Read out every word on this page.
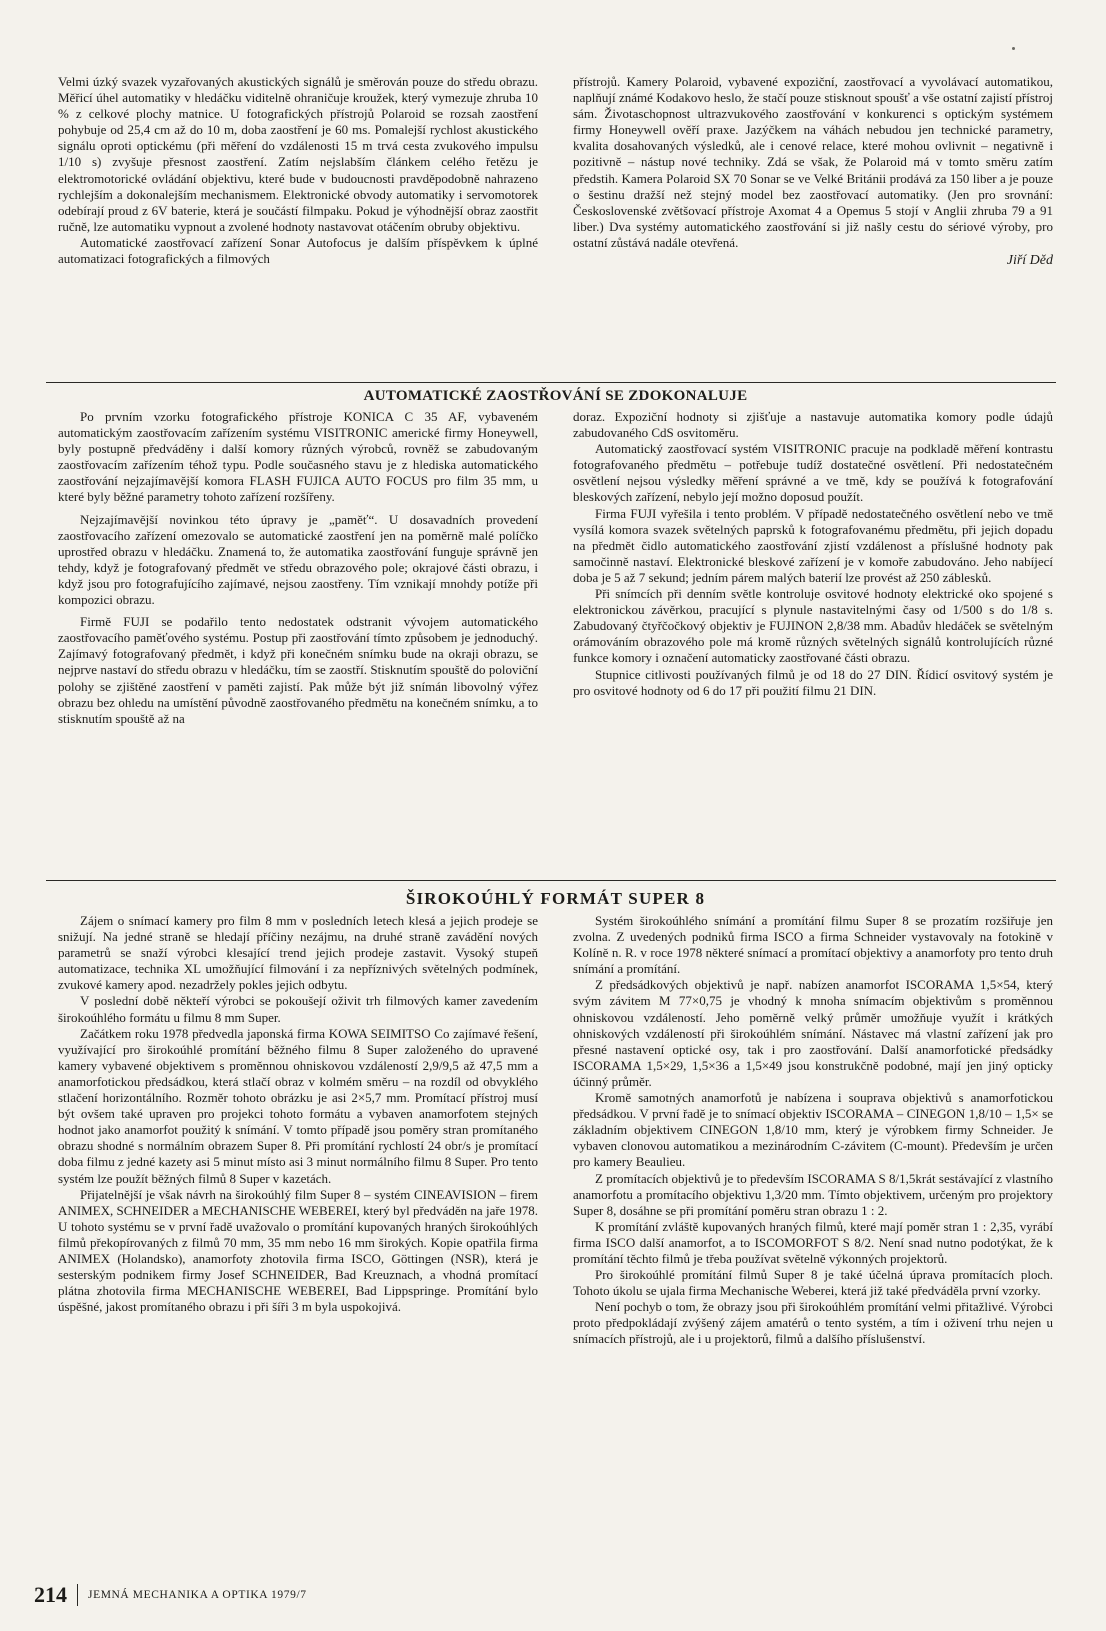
Velmi úzký svazek vyzařovaných akustických signálů je směrován pouze do středu obrazu. Měřicí úhel automatiky v hledáčku viditelně ohraničuje kroužek, který vymezuje zhruba 10 % z celkové plochy matnice. U fotografických přístrojů Polaroid se rozsah zaostření pohybuje od 25,4 cm až do 10 m, doba zaostření je 60 ms. Pomalejší rychlost akustického signálu oproti optickému (při měření do vzdálenosti 15 m trvá cesta zvukového impulsu 1/10 s) zvyšuje přesnost zaostření. Zatím nejslabším článkem celého řetězu je elektromotorické ovládání objektivu, které bude v budoucnosti pravděpodobně nahrazeno rychlejším a dokonalejším mechanismem. Elektronické obvody automatiky i servomotorek odebírají proud z 6V baterie, která je součástí filmpaku. Pokud je výhodnější obraz zaostřit ručně, lze automatiku vypnout a zvolené hodnoty nastavovat otáčením obruby objektivu.

Automatické zaostřovací zařízení Sonar Autofocus je dalším příspěvkem k úplné automatizaci fotografických a filmových

přístrojů. Kamery Polaroid, vybavené expoziční, zaostřovací a vyvolávací automatikou, naplňují známé Kodakovo heslo, že stačí pouze stisknout spoušť a vše ostatní zajistí přístroj sám. Životaschopnost ultrazvukového zaostřování v konkurenci s optickým systémem firmy Honeywell ověří praxe. Jazýčkem na váhách nebudou jen technické parametry, kvalita dosahovaných výsledků, ale i cenové relace, které mohou ovlivnit – negativně i pozitivně – nástup nové techniky. Zdá se však, že Polaroid má v tomto směru zatím předstih. Kamera Polaroid SX 70 Sonar se ve Velké Británii prodává za 150 liber a je pouze o šestinu dražší než stejný model bez zaostřovací automatiky. (Jen pro srovnání: Československé zvětšovací přístroje Axomat 4 a Opemus 5 stojí v Anglii zhruba 79 a 91 liber.) Dva systémy automatického zaostřování si již našly cestu do sériové výroby, pro ostatní zůstává nadále otevřená.

Jiří Děd
AUTOMATICKÉ ZAOSTŘOVÁNÍ SE ZDOKONALUJE

Po prvním vzorku fotografického přístroje KONICA C 35 AF, vybaveném automatickým zaostřovacím zařízením systému VISITRONIC americké firmy Honeywell, byly postupně předváděny i další komory různých výrobců, rovněž se zabudovaným zaostřovacím zařízením téhož typu. Podle současného stavu je z hlediska automatického zaostřování nejzajímavější komora FLASH FUJICA AUTO FOCUS pro film 35 mm, u které byly běžné parametry tohoto zařízení rozšířeny.

Nejzajímavější novinkou této úpravy je „paměť“. U dosavadních provedení zaostřovacího zařízení omezovalo se automatické zaostření jen na poměrně malé políčko uprostřed obrazu v hledáčku. Znamená to, že automatika zaostřování funguje správně jen tehdy, když je fotografovaný předmět ve středu obrazového pole; okrajové části obrazu, i když jsou pro fotografujícího zajímavé, nejsou zaostřeny. Tím vznikají mnohdy potíže při kompozici obrazu.

Firmě FUJI se podařilo tento nedostatek odstranit vývojem automatického zaostřovacího paměťového systému. Postup při zaostřování tímto způsobem je jednoduchý. Zajímavý fotografovaný předmět, i když při konečném snímku bude na okraji obrazu, se nejprve nastaví do středu obrazu v hledáčku, tím se zaostří. Stisknutím spouště do poloviční polohy se zjištěné zaostření v paměti zajistí. Pak může být již snímán libovolný výřez obrazu bez ohledu na umístění původně zaostřovaného předmětu na konečném snímku, a to stisknutím spouště až na

doraz. Expoziční hodnoty si zjišťuje a nastavuje automatika komory podle údajů zabudovaného CdS osvitoměru.

Automatický zaostřovací systém VISITRONIC pracuje na podkladě měření kontrastu fotografovaného předmětu – potřebuje tudíž dostatečné osvětlení. Při nedostatečném osvětlení nejsou výsledky měření správné a ve tmě, kdy se používá k fotografování bleskových zařízení, nebylo její možno doposud použít.

Firma FUJI vyřešila i tento problém. V případě nedostatečného osvětlení nebo ve tmě vysílá komora svazek světelných paprsků k fotografovanému předmětu, při jejich dopadu na předmět čidlo automatického zaostřování zjistí vzdálenost a příslušné hodnoty pak samočinně nastaví. Elektronické bleskové zařízení je v komoře zabudováno. Jeho nabíjecí doba je 5 až 7 sekund; jedním párem malých baterií lze provést až 250 záblesků.

Při snímcích při denním světle kontroluje osvitové hodnoty elektrické oko spojené s elektronickou závěrkou, pracující s plynule nastavitelnými časy od 1/500 s do 1/8 s. Zabudovaný čtyřčočkový objektiv je FUJINON 2,8/38 mm. Abadův hledáček se světelným orámováním obrazového pole má kromě různých světelných signálů kontrolujících různé funkce komory i označení automaticky zaostřované části obrazu.

Stupnice citlivosti používaných filmů je od 18 do 27 DIN. Řídicí osvitový systém je pro osvitové hodnoty od 6 do 17 při použití filmu 21 DIN.

ŠIROKOÚHLÝ FORMÁT SUPER 8

Zájem o snímací kamery pro film 8 mm v posledních letech klesá a jejich prodeje se snižují. Na jedné straně se hledají příčiny nezájmu, na druhé straně zavádění nových parametrů se snaží výrobci klesající trend jejich prodeje zastavit. Vysoký stupeň automatizace, technika XL umožňující filmování i za nepříznivých světelných podmínek, zvukové kamery apod. nezadržely pokles jejich odbytu.

V poslední době někteří výrobci se pokoušejí oživit trh filmových kamer zavedením širokoúhlého formátu u filmu 8 mm Super.

Začátkem roku 1978 předvedla japonská firma KOWA SEIMITSO Co zajímavé řešení, využívající pro širokoúhlé promítání běžného filmu 8 Super založeného do upravené kamery vybavené objektivem s proměnnou ohniskovou vzdáleností 2,9/9,5 až 47,5 mm a anamorfotickou předsádkou, která stlačí obraz v kolmém směru – na rozdíl od obvyklého stlačení horizontálního. Rozměr tohoto obrázku je asi 2×5,7 mm. Promítací přístroj musí být ovšem také upraven pro projekci tohoto formátu a vybaven anamorfotem stejných hodnot jako anamorfot použitý k snímání. V tomto případě jsou poměry stran promítaného obrazu shodné s normálním obrazem Super 8. Při promítání rychlostí 24 obr/s je promítací doba filmu z jedné kazety asi 5 minut místo asi 3 minut normálního filmu 8 Super. Pro tento systém lze použít běžných filmů 8 Super v kazetách.

Přijatelnější je však návrh na širokoúhlý film Super 8 – systém CINEAVISION – firem ANIMEX, SCHNEIDER a MECHANISCHE WEBEREI, který byl předváděn na jaře 1978. U tohoto systému se v první řadě uvažovalo o promítání kupovaných hraných širokoúhlých filmů překopírovaných z filmů 70 mm, 35 mm nebo 16 mm širokých. Kopie opatřila firma ANIMEX (Holandsko), anamorfoty zhotovila firma ISCO, Göttingen (NSR), která je sesterským podnikem firmy Josef SCHNEIDER, Bad Kreuznach, a vhodná promítací plátna zhotovila firma MECHANISCHE WEBEREI, Bad Lippspringe. Promítání bylo úspěšné, jakost promítaného obrazu i při šíři 3 m byla uspokojivá.

Systém širokoúhlého snímání a promítání filmu Super 8 se prozatím rozšiřuje jen zvolna. Z uvedených podniků firma ISCO a firma Schneider vystavovaly na fotokině v Kolíně n. R. v roce 1978 některé snímací a promítací objektivy a anamorfoty pro tento druh snímání a promítání.

Z předsádkových objektivů je např. nabízen anamorfot ISCORAMA 1,5×54, který svým závitem M 77×0,75 je vhodný k mnoha snímacím objektivům s proměnnou ohniskovou vzdáleností. Jeho poměrně velký průměr umožňuje využít i krátkých ohniskových vzdáleností při širokoúhlém snímání. Nástavec má vlastní zařízení jak pro přesné nastavení optické osy, tak i pro zaostřování. Další anamorfotické předsádky ISCORAMA 1,5×29, 1,5×36 a 1,5×49 jsou konstrukčně podobné, mají jen jiný opticky účinný průměr.

Kromě samotných anamorfotů je nabízena i souprava objektivů s anamorfotickou předsádkou. V první řadě je to snímací objektiv ISCORAMA – CINEGON 1,8/10 – 1,5× se základním objektivem CINEGON 1,8/10 mm, který je výrobkem firmy Schneider. Je vybaven clonovou automatikou a mezinárodním C-závitem (C-mount). Především je určen pro kamery Beaulieu.

Z promítacích objektivů je to především ISCORAMA S 8/1,5krát sestávající z vlastního anamorfotu a promítacího objektivu 1,3/20 mm. Tímto objektivem, určeným pro projektory Super 8, dosáhne se při promítání poměru stran obrazu 1 : 2.

K promítání zvláště kupovaných hraných filmů, které mají poměr stran 1 : 2,35, vyrábí firma ISCO další anamorfot, a to ISCOMORFOT S 8/2. Není snad nutno podotýkat, že k promítání těchto filmů je třeba používat světelně výkonných projektorů.

Pro širokoúhlé promítání filmů Super 8 je také účelná úprava promítacích ploch. Tohoto úkolu se ujala firma Mechanische Weberei, která již také předváděla první vzorky.

Není pochyb o tom, že obrazy jsou při širokoúhlém promítání velmi přitažlivé. Výrobci proto předpokládají zvýšený zájem amatérů o tento systém, a tím i oživení trhu nejen u snímacích přístrojů, ale i u projektorů, filmů a dalšího příslušenství.

214 JEMNÁ MECHANIKA A OPTIKA 1979/7
